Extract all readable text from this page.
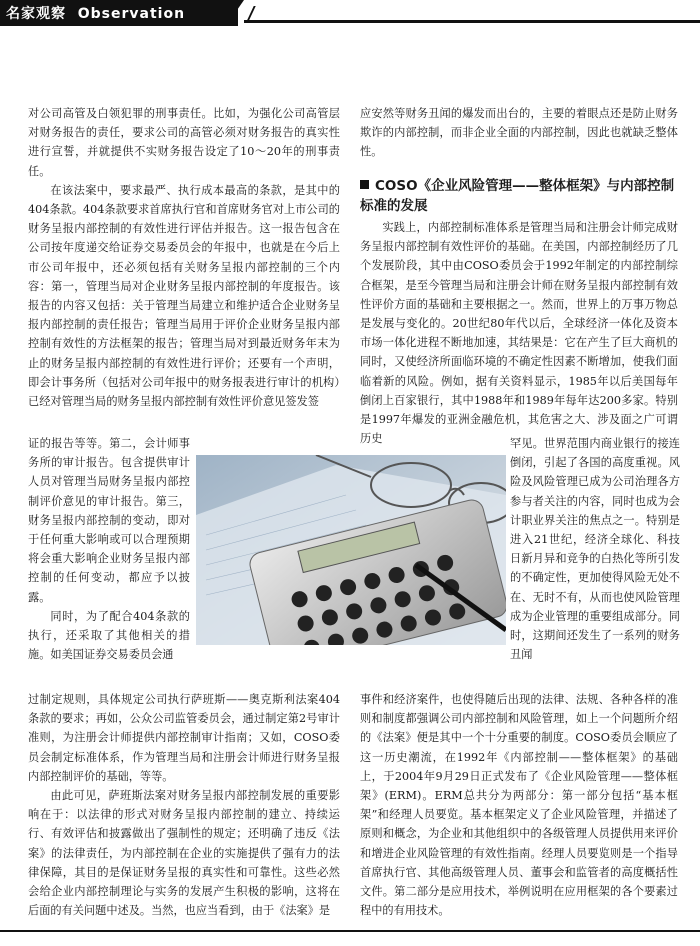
名家观察 Observation

对公司高管及白领犯罪的刑事责任。比如，为强化公司高管层对财务报告的责任，要求公司的高管必须对财务报告的真实性进行宣誓，并就提供不实财务报告设定了10～20年的刑事责任。

在该法案中，要求最严、执行成本最高的条款，是其中的404条款。404条款要求首席执行官和首席财务官对上市公司的财务呈报内部控制的有效性进行评估并报告。这一报告包含在公司按年度递交给证券交易委员会的年报中，也就是在今后上市公司年报中，还必须包括有关财务呈报内部控制的三个内容：第一，管理当局对企业财务呈报内部控制的年度报告。该报告的内容又包括：关于管理当局建立和维护适合企业财务呈报内部控制的责任报告；管理当局用于评价企业财务呈报内部控制有效性的方法框架的报告；管理当局对到最近财务年末为止的财务呈报内部控制的有效性进行评价；还要有一个声明，即会计事务所（包括对公司年报中的财务报表进行审计的机构）已经对管理当局的财务呈报内部控制有效性评价意见签发签

证的报告等等。第二，会计师事务所的审计报告。包含提供审计人员对管理当局财务呈报内部控制评价意见的审计报告。第三，财务呈报内部控制的变动，即对于任何重大影响或可以合理预期将会重大影响企业财务呈报内部控制的任何变动，都应予以披露。

同时，为了配合404条款的执行，还采取了其他相关的措施。如美国证券交易委员会通

过制定规则，具体规定公司执行萨班斯——奥克斯利法案404条款的要求；再如，公众公司监管委员会，通过制定第2号审计准则，为注册会计师提供内部控制审计指南；又如，COSO委员会制定标准体系，作为管理当局和注册会计师进行财务呈报内部控制评价的基础，等等。

由此可见，萨班斯法案对财务呈报内部控制发展的重要影响在于：以法律的形式对财务呈报内部控制的建立、持续运行、有效评估和披露做出了强制性的规定；还明确了违反《法案》的法律责任，为内部控制在企业的实施提供了强有力的法律保障，其目的是保证财务呈报的真实性和可靠性。这些必然会给企业内部控制理论与实务的发展产生积极的影响，这将在后面的有关问题中述及。当然，也应当看到，由于《法案》是

应安然等财务丑闻的爆发而出台的，主要的着眼点还是防止财务欺诈的内部控制，而非企业全面的内部控制，因此也就缺乏整体性。

COSO《企业风险管理——整体框架》与内部控制标准的发展

实践上，内部控制标准体系是管理当局和注册会计师完成财务呈报内部控制有效性评价的基础。在美国，内部控制经历了几个发展阶段，其中由COSO委员会于1992年制定的内部控制综合框架，是至今管理当局和注册会计师在财务呈报内部控制有效性评价方面的基础和主要根据之一。然而，世界上的万事万物总是发展与变化的。20世纪80年代以后，全球经济一体化及资本市场一体化进程不断地加速，其结果是：它在产生了巨大商机的同时，又使经济所面临环境的不确定性因素不断增加，使我们面临着新的风险。例如，据有关资料显示，1985年以后美国每年倒闭上百家银行，其中1988年和1989年每年达200多家。特别是1997年爆发的亚洲金融危机，其危害之大、涉及面之广可谓历史	罕见。世界范围内商业银行的接连倒闭，引起了各国的高度重视。风险及风险管理已成为公司治理各方参与者关注的内容，同时也成为会计职业界关注的焦点之一。特别是进入21世纪，经济全球化、科技日新月异和竞争的白热化等所引发的不确定性，更加使得风险无处不在、无时不有，从而也使风险管理成为企业管理的重要组成部分。同时，这期间还发生了一系列的财务丑闻

事件和经济案件，也使得随后出现的法律、法规、各种各样的准则和制度都强调公司内部控制和风险管理，如上一个问题所介绍的《法案》便是其中一个十分重要的制度。COSO委员会顺应了这一历史潮流，在1992年《内部控制——整体框架》的基础上，于2004年9月29日正式发布了《企业风险管理——整体框架》(ERM)。ERM总共分为两部分：第一部分包括“基本框架”和经理人员要览。基本框架定义了企业风险管理，并描述了原则和概念，为企业和其他组织中的各级管理人员提供用来评价和增进企业风险管理的有效性指南。经理人员要览则是一个指导首席执行官、其他高级管理人员、董事会和监管者的高度概括性文件。第二部分是应用技术，举例说明在应用框架的各个要素过程中的有用技术。
